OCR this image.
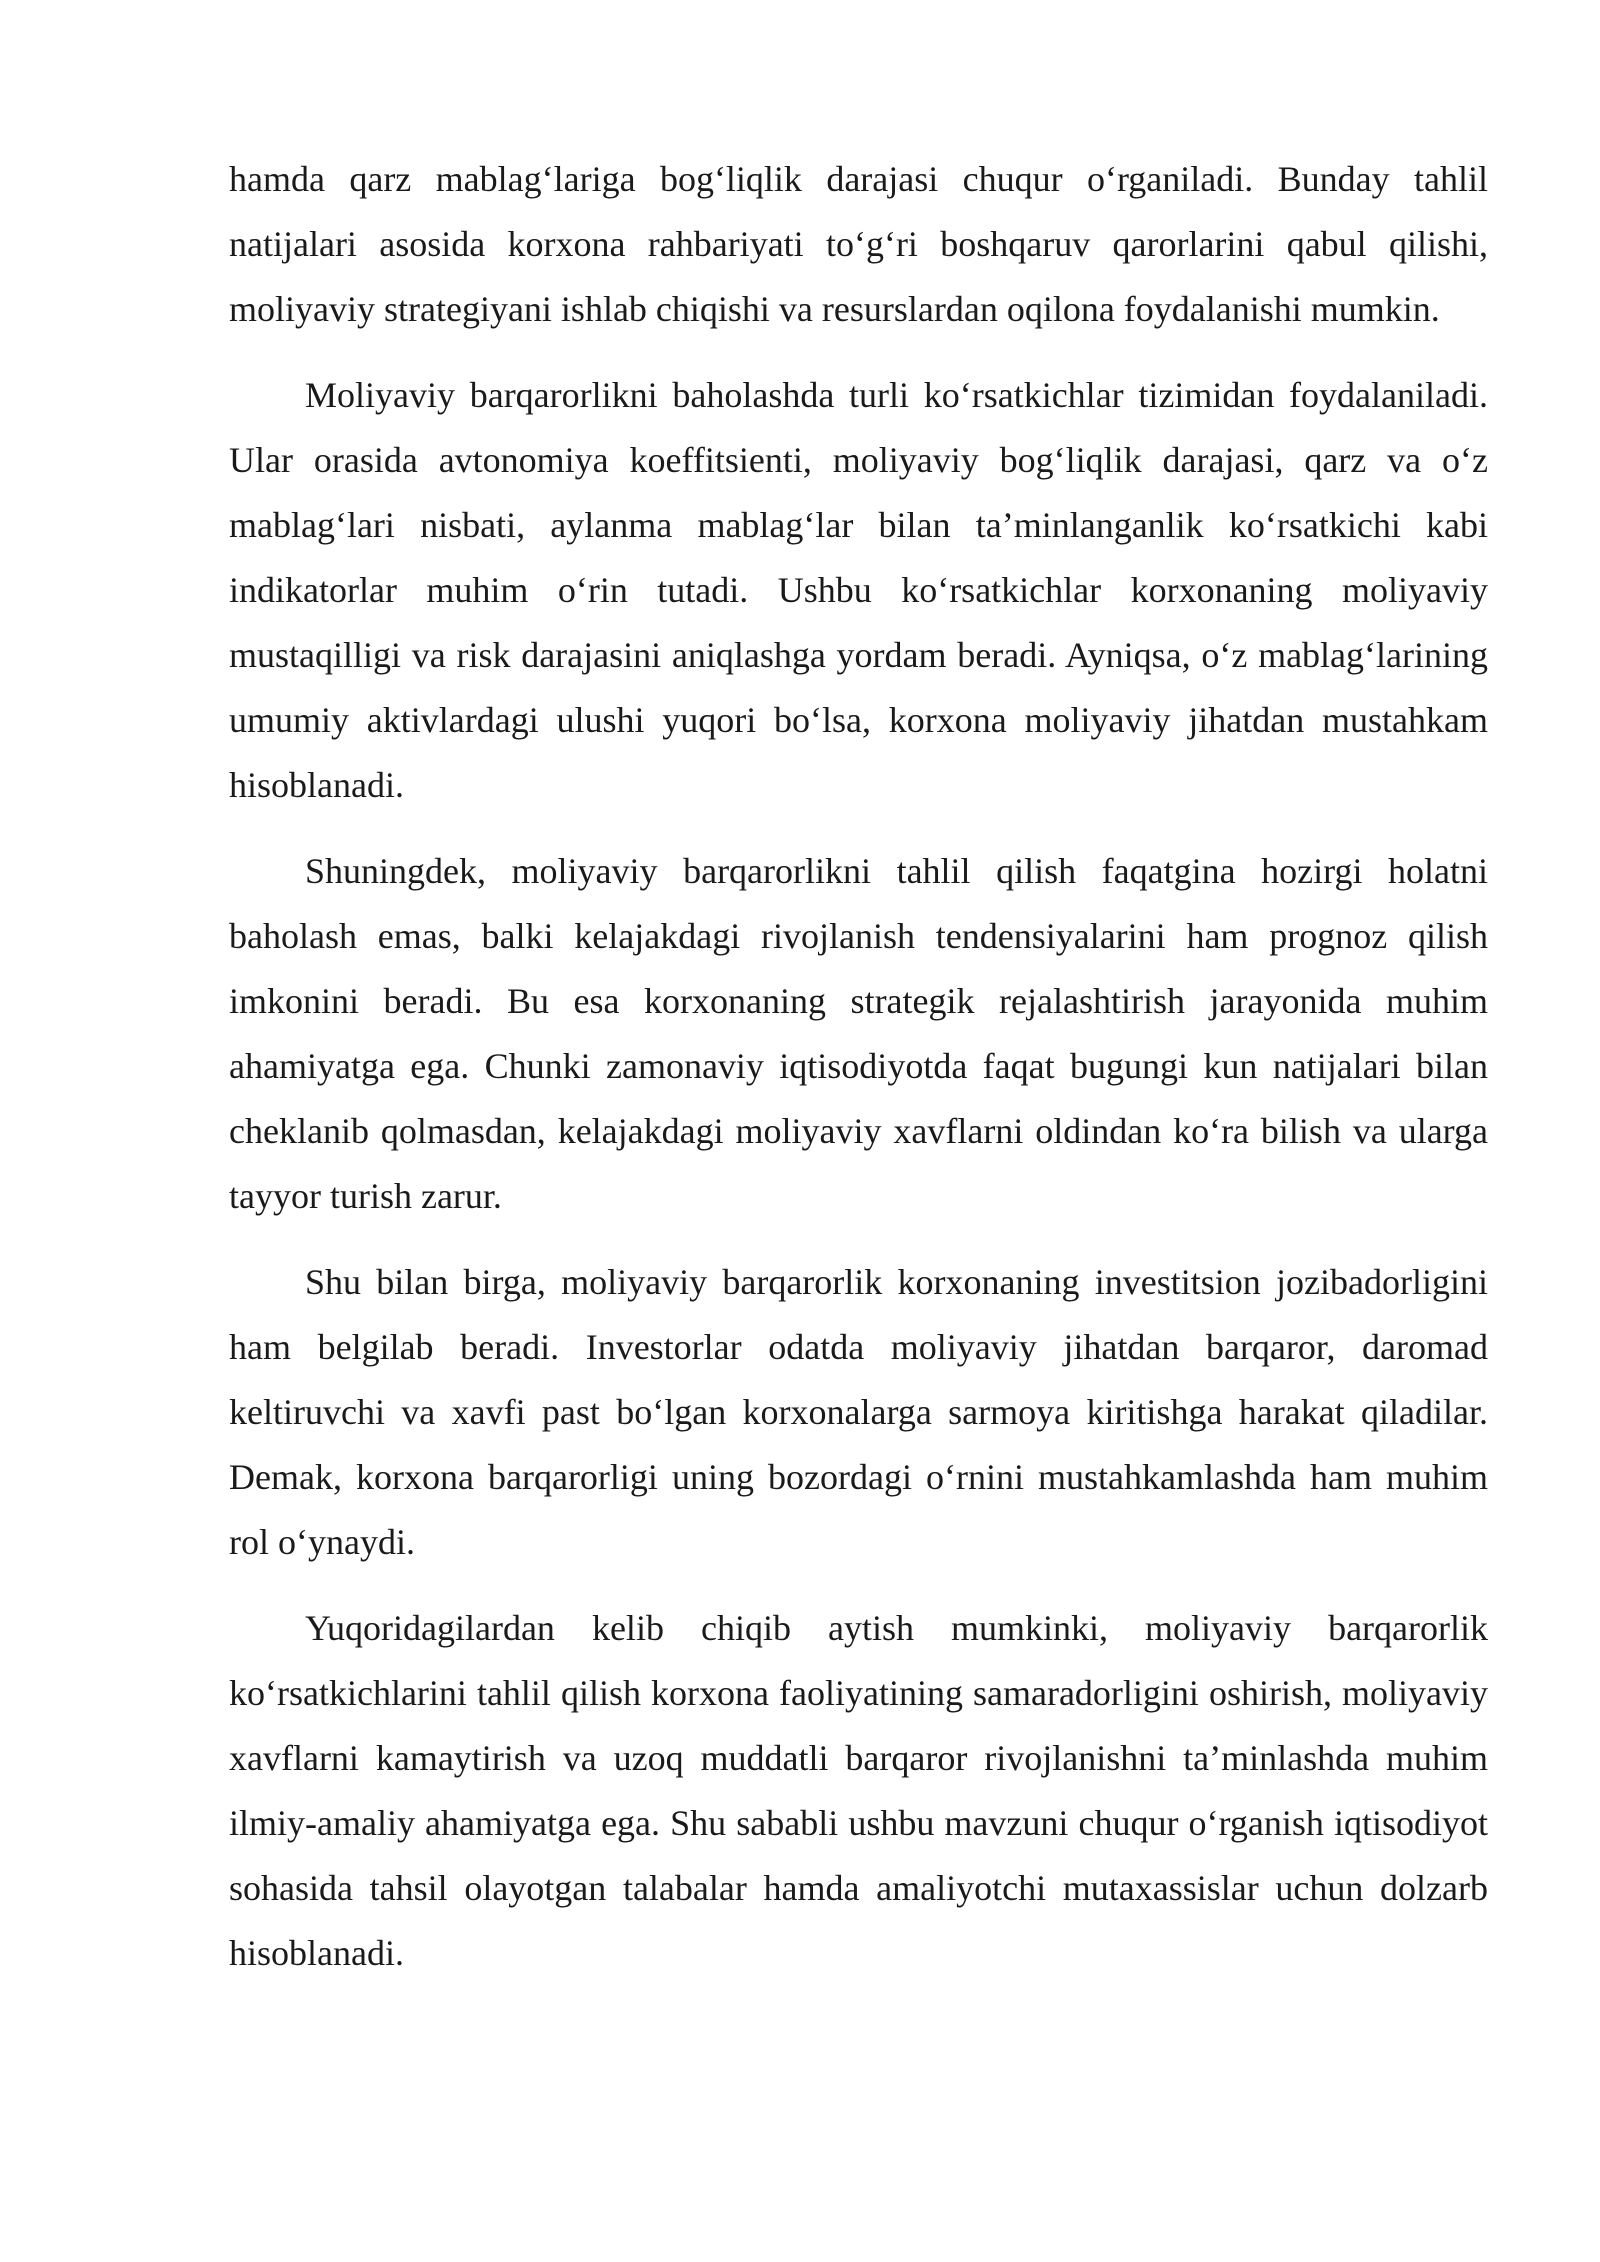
hamda qarz mablag‘lariga bog‘liqlik darajasi chuqur o‘rganiladi. Bunday tahlil natijalari asosida korxona rahbariyati to‘g‘ri boshqaruv qarorlarini qabul qilishi, moliyaviy strategiyani ishlab chiqishi va resurslardan oqilona foydalanishi mumkin.

Moliyaviy barqarorlikni baholashda turli ko‘rsatkichlar tizimidan foydalaniladi. Ular orasida avtonomiya koeffitsienti, moliyaviy bog‘liqlik darajasi, qarz va o‘z mablag‘lari nisbati, aylanma mablag‘lar bilan ta’minlanganlik ko‘rsatkichi kabi indikatorlar muhim o‘rin tutadi. Ushbu ko‘rsatkichlar korxonaning moliyaviy mustaqilligi va risk darajasini aniqlashga yordam beradi. Ayniqsa, o‘z mablag‘larining umumiy aktivlardagi ulushi yuqori bo‘lsa, korxona moliyaviy jihatdan mustahkam hisoblanadi.

Shuningdek, moliyaviy barqarorlikni tahlil qilish faqatgina hozirgi holatni baholash emas, balki kelajakdagi rivojlanish tendensiyalarini ham prognoz qilish imkonini beradi. Bu esa korxonaning strategik rejalashtirish jarayonida muhim ahamiyatga ega. Chunki zamonaviy iqtisodiyotda faqat bugungi kun natijalari bilan cheklanib qolmasdan, kelajakdagi moliyaviy xavflarni oldindan ko‘ra bilish va ularga tayyor turish zarur.

Shu bilan birga, moliyaviy barqarorlik korxonaning investitsion jozibadorligini ham belgilab beradi. Investorlar odatda moliyaviy jihatdan barqaror, daromad keltiruvchi va xavfi past bo‘lgan korxonalarga sarmoya kiritishga harakat qiladilar. Demak, korxona barqarorligi uning bozordagi o‘rnini mustahkamlashda ham muhim rol o‘ynaydi.

Yuqoridagilardan kelib chiqib aytish mumkinki, moliyaviy barqarorlik ko‘rsatkichlarini tahlil qilish korxona faoliyatining samaradorligini oshirish, moliyaviy xavflarni kamaytirish va uzoq muddatli barqaror rivojlanishni ta’minlashda muhim ilmiy-amaliy ahamiyatga ega. Shu sababli ushbu mavzuni chuqur o‘rganish iqtisodiyot sohasida tahsil olayotgan talabalar hamda amaliyotchi mutaxassislar uchun dolzarb hisoblanadi.
